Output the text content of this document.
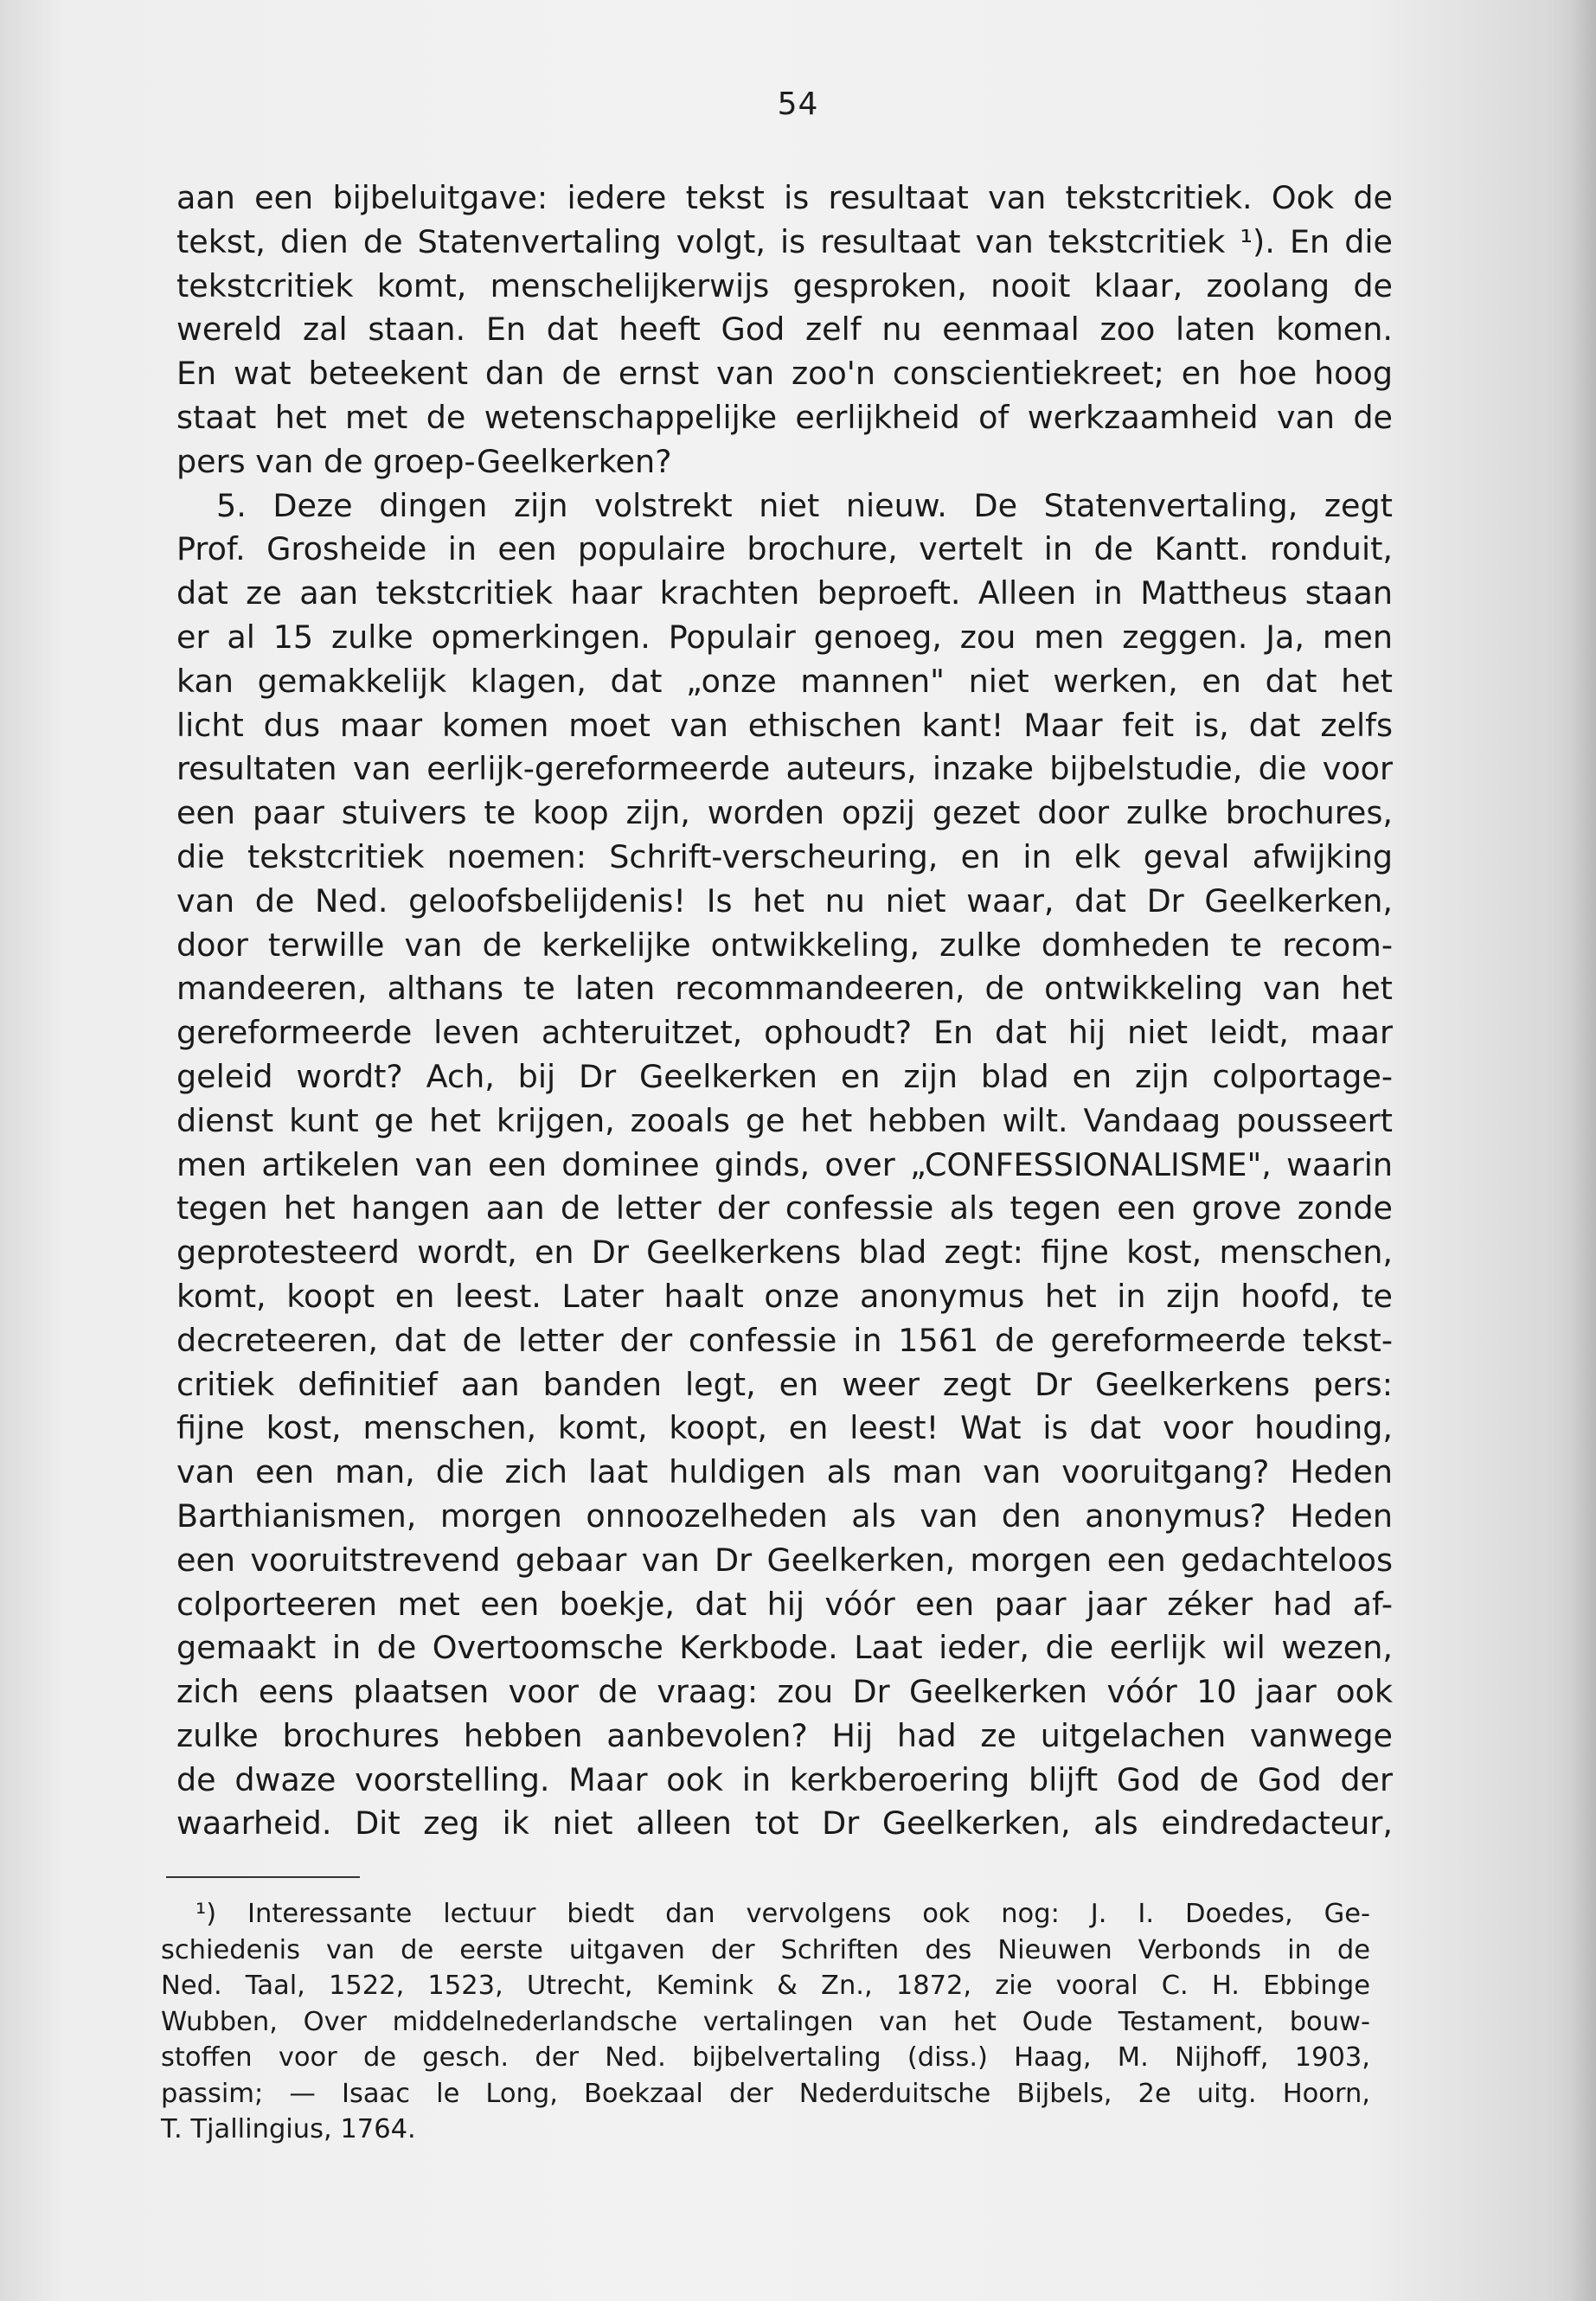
54
aan een bijbeluitgave: iedere tekst is resultaat van tekstcritiek. Ook de
tekst, dien de Statenvertaling volgt, is resultaat van tekstcritiek ¹). En die
tekstcritiek komt, menschelijkerwijs gesproken, nooit klaar, zoolang de
wereld zal staan. En dat heeft God zelf nu eenmaal zoo laten komen.
En wat beteekent dan de ernst van zoo'n conscientiekreet; en hoe hoog
staat het met de wetenschappelijke eerlijkheid of werkzaamheid van de
pers van de groep-Geelkerken?
5. Deze dingen zijn volstrekt niet nieuw. De Statenvertaling, zegt
Prof. Grosheide in een populaire brochure, vertelt in de Kantt. ronduit,
dat ze aan tekstcritiek haar krachten beproeft. Alleen in Mattheus staan
er al 15 zulke opmerkingen. Populair genoeg, zou men zeggen. Ja, men
kan gemakkelijk klagen, dat „onze mannen" niet werken, en dat het
licht dus maar komen moet van ethischen kant! Maar feit is, dat zelfs
resultaten van eerlijk-gereformeerde auteurs, inzake bijbelstudie, die voor
een paar stuivers te koop zijn, worden opzij gezet door zulke brochures,
die tekstcritiek noemen: Schrift-verscheuring, en in elk geval afwijking
van de Ned. geloofsbelijdenis! Is het nu niet waar, dat Dr Geelkerken,
door terwille van de kerkelijke ontwikkeling, zulke domheden te recom-
mandeeren, althans te laten recommandeeren, de ontwikkeling van het
gereformeerde leven achteruitzet, ophoudt? En dat hij niet leidt, maar
geleid wordt? Ach, bij Dr Geelkerken en zijn blad en zijn colportage-
dienst kunt ge het krijgen, zooals ge het hebben wilt. Vandaag pousseert
men artikelen van een dominee ginds, over „CONFESSIONALISME", waarin
tegen het hangen aan de letter der confessie als tegen een grove zonde
geprotesteerd wordt, en Dr Geelkerkens blad zegt: fijne kost, menschen,
komt, koopt en leest. Later haalt onze anonymus het in zijn hoofd, te
decreteeren, dat de letter der confessie in 1561 de gereformeerde tekst-
critiek definitief aan banden legt, en weer zegt Dr Geelkerkens pers:
fijne kost, menschen, komt, koopt, en leest! Wat is dat voor houding,
van een man, die zich laat huldigen als man van vooruitgang? Heden
Barthianismen, morgen onnoozelheden als van den anonymus? Heden
een vooruitstrevend gebaar van Dr Geelkerken, morgen een gedachteloos
colporteeren met een boekje, dat hij vóór een paar jaar zéker had af-
gemaakt in de Overtoomsche Kerkbode. Laat ieder, die eerlijk wil wezen,
zich eens plaatsen voor de vraag: zou Dr Geelkerken vóór 10 jaar ook
zulke brochures hebben aanbevolen? Hij had ze uitgelachen vanwege
de dwaze voorstelling. Maar ook in kerkberoering blijft God de God der
waarheid. Dit zeg ik niet alleen tot Dr Geelkerken, als eindredacteur,
¹) Interessante lectuur biedt dan vervolgens ook nog: J. I. Doedes, Ge-
schiedenis van de eerste uitgaven der Schriften des Nieuwen Verbonds in de
Ned. Taal, 1522, 1523, Utrecht, Kemink & Zn., 1872, zie vooral C. H. Ebbinge
Wubben, Over middelnederlandsche vertalingen van het Oude Testament, bouw-
stoffen voor de gesch. der Ned. bijbelvertaling (diss.) Haag, M. Nijhoff, 1903,
passim; — Isaac le Long, Boekzaal der Nederduitsche Bijbels, 2e uitg. Hoorn,
T. Tjallingius, 1764.
